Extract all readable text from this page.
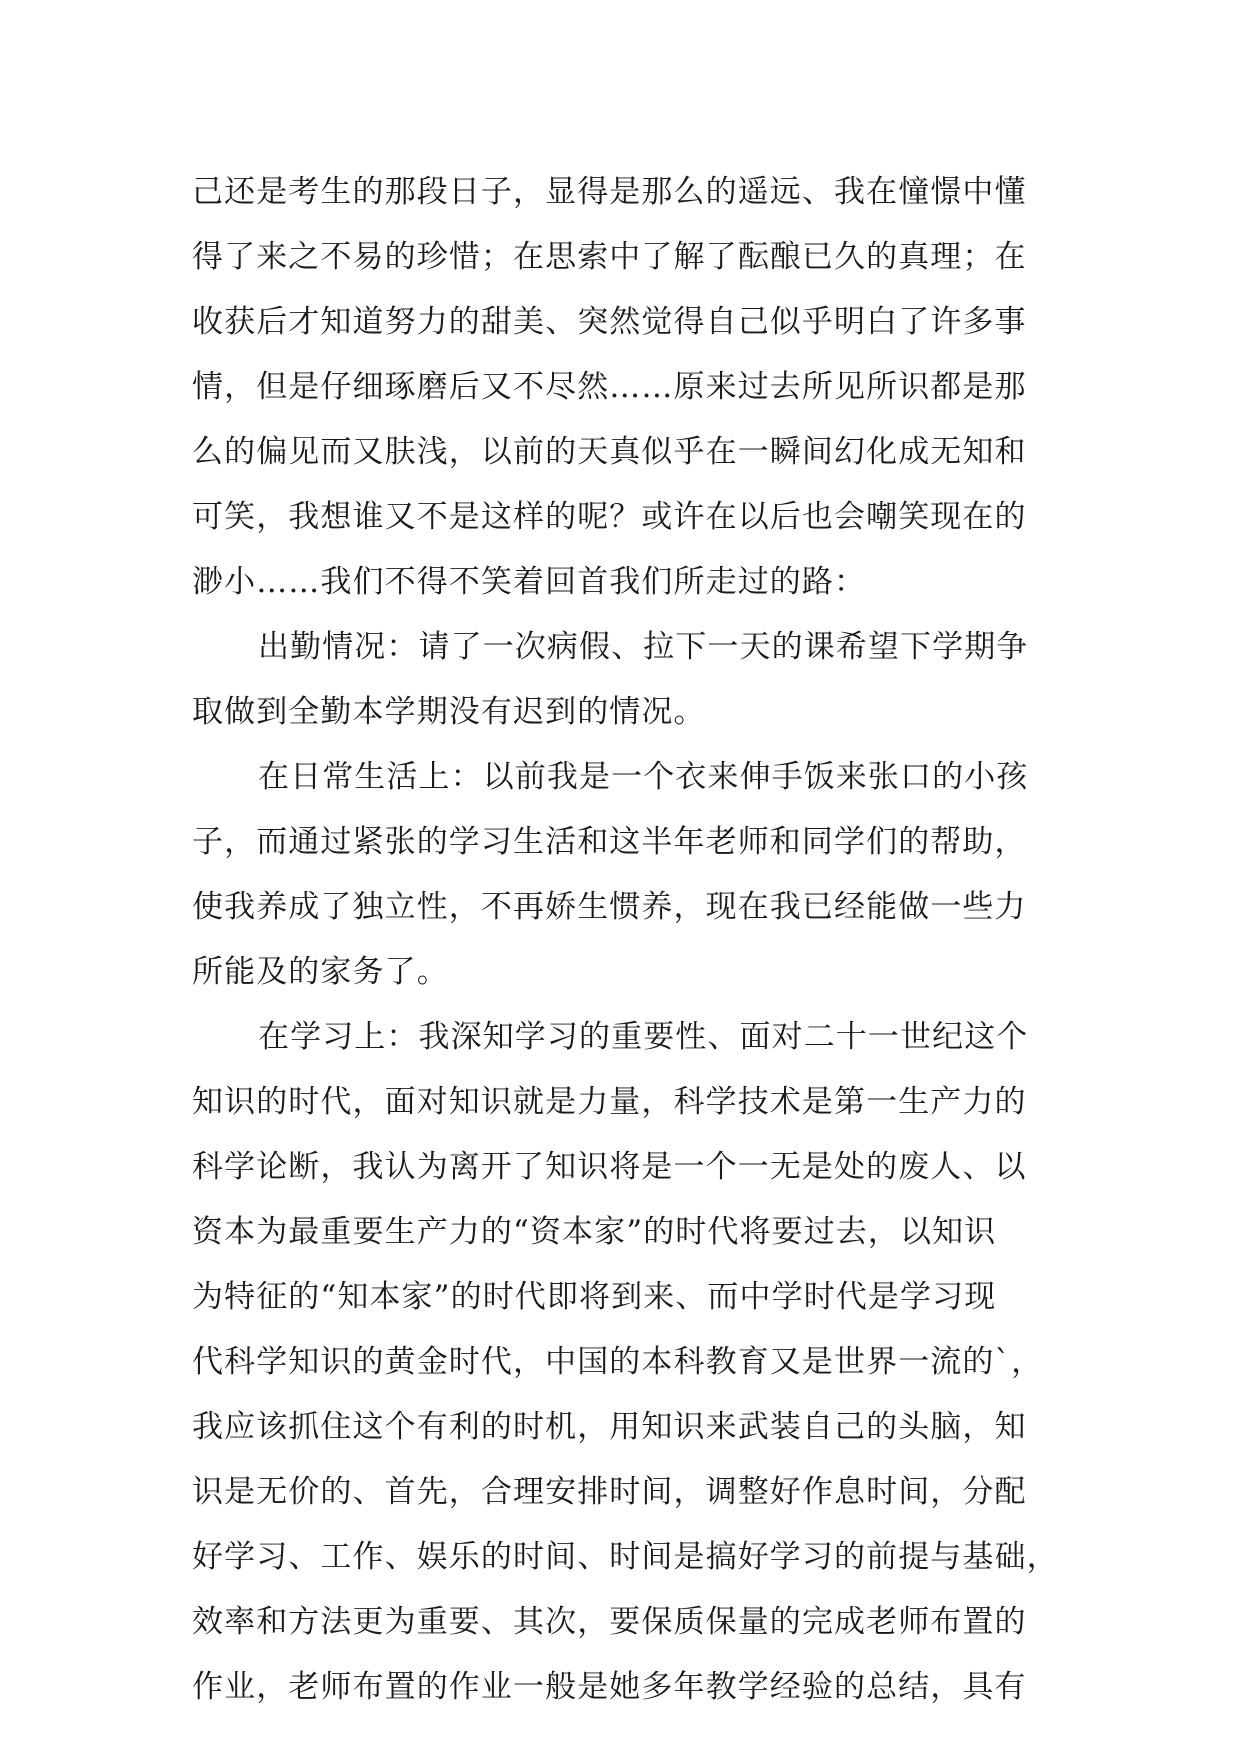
己还是考生的那段日子，显得是那么的遥远、我在憧憬中懂
得了来之不易的珍惜；在思索中了解了酝酿已久的真理；在
收获后才知道努力的甜美、突然觉得自己似乎明白了许多事
情，但是仔细琢磨后又不尽然……原来过去所见所识都是那
么的偏见而又肤浅，以前的天真似乎在一瞬间幻化成无知和
可笑，我想谁又不是这样的呢？或许在以后也会嘲笑现在的
渺小……我们不得不笑着回首我们所走过的路：
出勤情况：请了一次病假、拉下一天的课希望下学期争
取做到全勤本学期没有迟到的情况。
在日常生活上：以前我是一个衣来伸手饭来张口的小孩
子，而通过紧张的学习生活和这半年老师和同学们的帮助，
使我养成了独立性，不再娇生惯养，现在我已经能做一些力
所能及的家务了。
在学习上：我深知学习的重要性、面对二十一世纪这个
知识的时代，面对知识就是力量，科学技术是第一生产力的
科学论断，我认为离开了知识将是一个一无是处的废人、以
资本为最重要生产力的“资本家”的时代将要过去，以知识
为特征的“知本家”的时代即将到来、而中学时代是学习现
代科学知识的黄金时代，中国的本科教育又是世界一流的`，
我应该抓住这个有利的时机，用知识来武装自己的头脑，知
识是无价的、首先，合理安排时间，调整好作息时间，分配
好学习、工作、娱乐的时间、时间是搞好学习的前提与基础，
效率和方法更为重要、其次，要保质保量的完成老师布置的
作业，老师布置的作业一般是她多年教学经验的总结，具有
